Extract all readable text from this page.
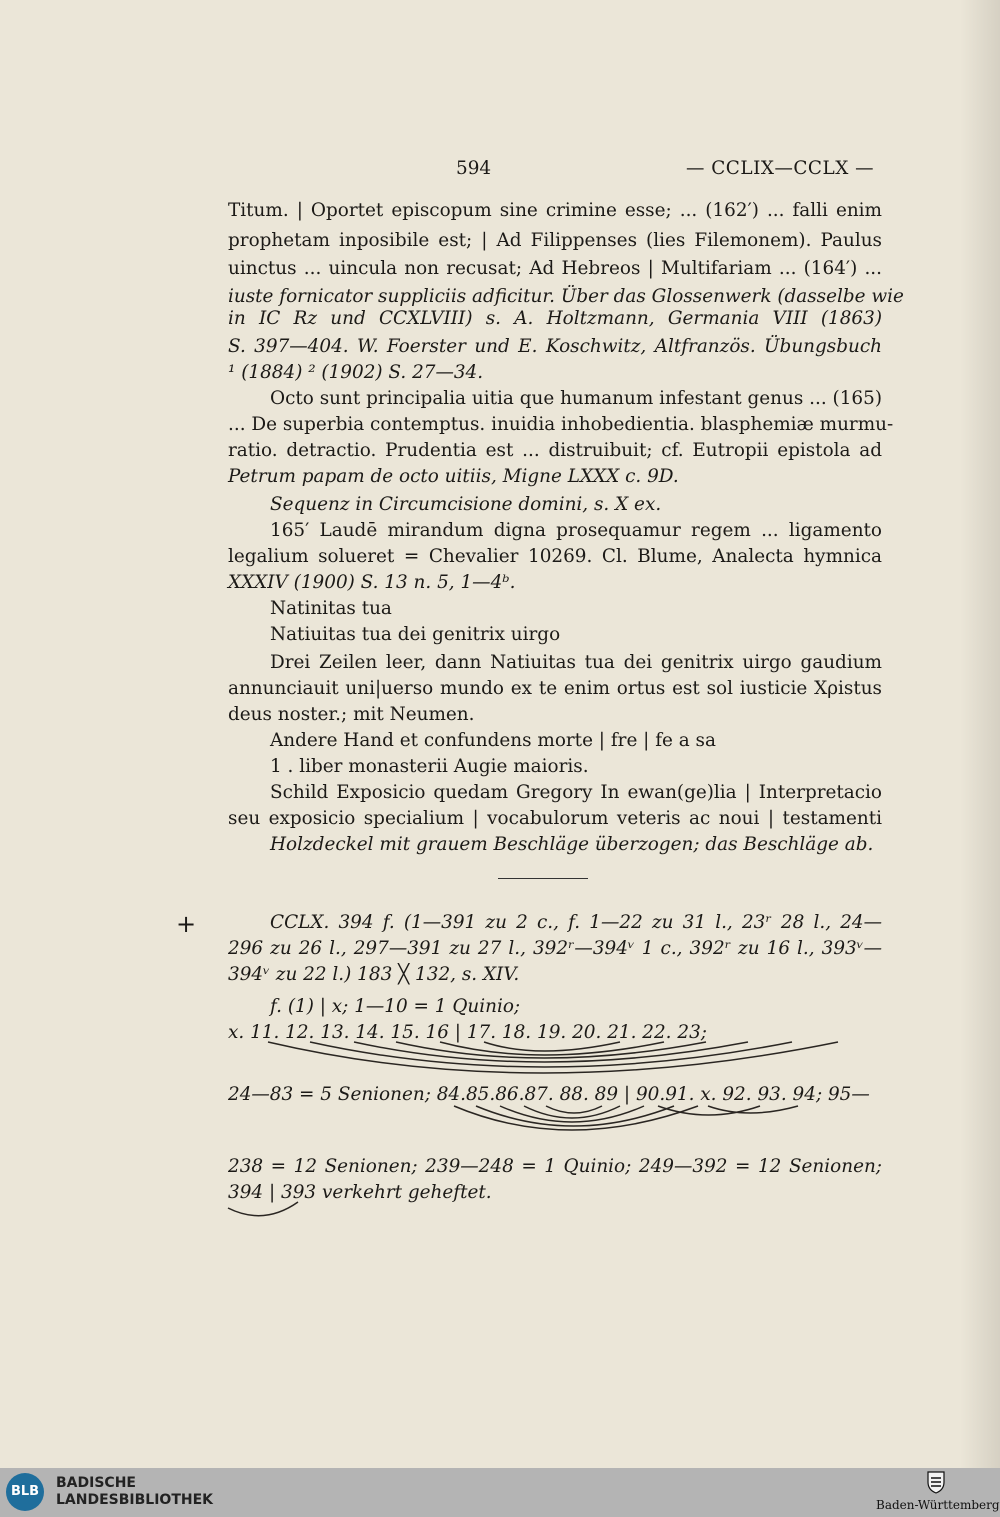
594	— CCLIX—CCLX —
Titum. | Oportet episcopum sine crimine esse; ... (162′) ... falli enim
prophetam inposibile est; | Ad Filippenses (lies Filemonem). Paulus
uinctus ... uincula non recusat; Ad Hebreos | Multifariam ... (164′) ...
iuste fornicator suppliciis adficitur. Über das Glossenwerk (dasselbe wie
in IC Rz und CCXLVIII) s. A. Holtzmann, Germania VIII (1863)
S. 397—404. W. Foerster und E. Koschwitz, Altfranzös. Übungsbuch
¹ (1884) ² (1902) S. 27—34.
Octo sunt principalia uitia que humanum infestant genus ... (165)
... De superbia contemptus. inuidia inhobedientia. blasphemiæ murmu-
ratio. detractio. Prudentia est ... distruibuit; cf. Eutropii epistola ad
Petrum papam de octo uitiis, Migne LXXX c. 9D.
Sequenz in Circumcisione domini, s. X ex.
165′ Laudē mirandum digna prosequamur regem ... ligamento
legalium solueret = Chevalier 10269. Cl. Blume, Analecta hymnica
XXXIV (1900) S. 13 n. 5, 1—4ᵇ.
Natinitas tua
Natiuitas tua dei genitrix uirgo
Drei Zeilen leer, dann Natiuitas tua dei genitrix uirgo gaudium
annunciauit uni|uerso mundo ex te enim ortus est sol iusticie Xρistus
deus noster.; mit Neumen.
Andere Hand et confundens morte | fre | fe a sa
1 . liber monasterii Augie maioris.
Schild Exposicio quedam Gregory In ewan(ge)lia | Interpretacio
seu exposicio specialium | vocabulorum veteris ac noui | testamenti
Holzdeckel mit grauem Beschläge überzogen; das Beschläge ab.
+	CCLX. 394 f. (1—391 zu 2 c., f. 1—22 zu 31 l., 23ʳ 28 l., 24—
296 zu 26 l., 297—391 zu 27 l., 392ʳ—394ᵛ 1 c., 392ʳ zu 16 l., 393ᵛ—
394ᵛ zu 22 l.) 183 ╳ 132, s. XIV.
f. (1) | x; 1—10 = 1 Quinio;
x. 11. 12. 13. 14. 15. 16 | 17. 18. 19. 20. 21. 22. 23;
24—83 = 5 Senionen; 84.85.86.87. 88. 89 | 90.91. x. 92. 93. 94; 95—
238 = 12 Senionen; 239—248 = 1 Quinio; 249—392 = 12 Senionen;
394 | 393 verkehrt geheftet.
BLB
BADISCHE
LANDESBIBLIOTHEK	Baden-Württemberg
